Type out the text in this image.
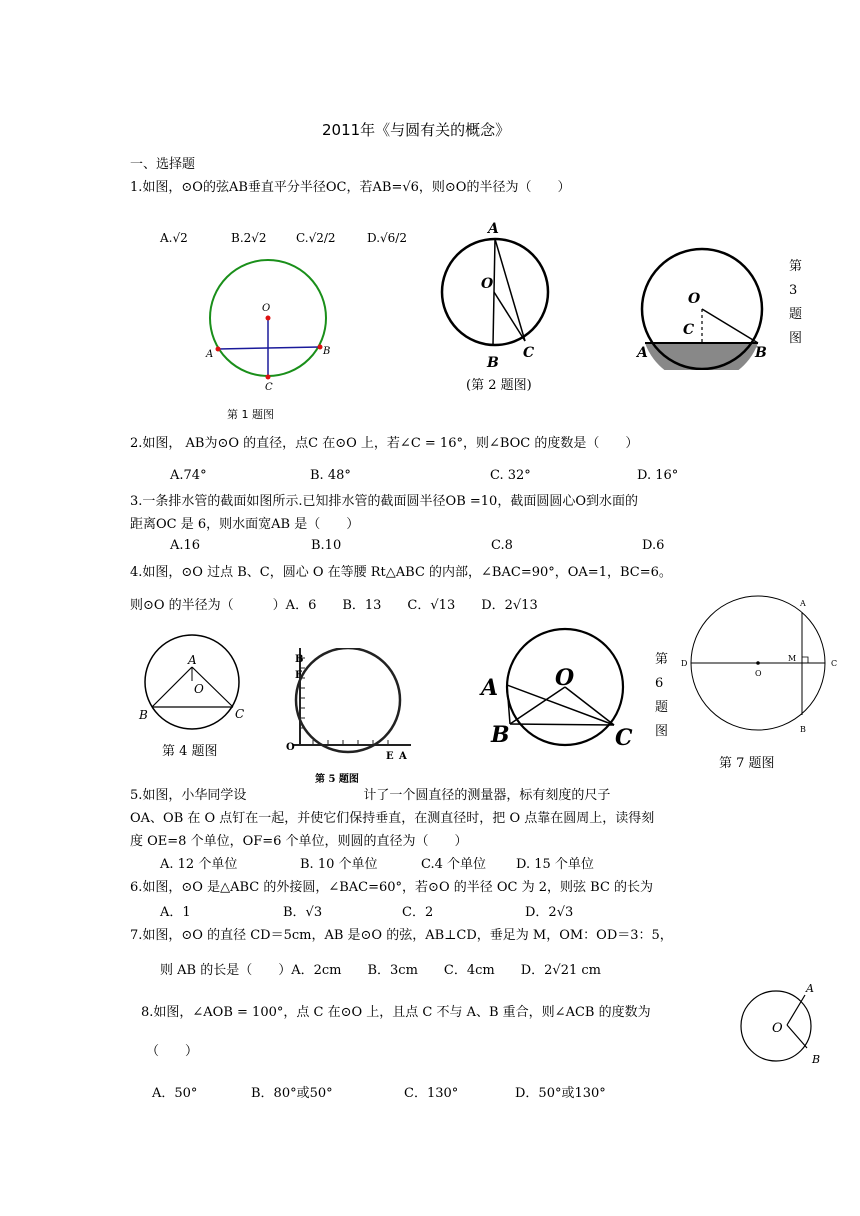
2011年《与圆有关的概念》
一、选择题
1.如图，⊙O的弦AB垂直平分半径OC，若AB=√6，则⊙O的半径为（　　）
A.√2	B.2√2 C.√2/2	D.√6/2
O
A	B
C
第 1 题图
A
O
B
C
(第 2 题图)
O
C
A	B
第3题图
2.如图， AB为⊙O 的直径，点C 在⊙O 上，若∠C = 16°，则∠BOC 的度数是（　　）
A.74°	B. 48°	C. 32°	D. 16°
3.一条排水管的截面如图所示.已知排水管的截面圆半径OB =10，截面圆圆心O到水面的
距离OC 是 6，则水面宽AB 是（　　）
A.16	B.10	C.8	D.6
4.如图，⊙O 过点 B、C，圆心 O 在等腰 Rt△ABC 的内部，∠BAC=90°，OA=1，BC=6。
则⊙O 的半径为（　　　）A．6　　B．13　　C．√13　　D．2√13
A
O
B	C
第 4 题图
B
F
O
E A
第 5 题图
O
A
B	C
第6题图
A
D
M
C
O
B
第 7 题图
5.如图，小华同学设　　　　　　　　　计了一个圆直径的测量器，标有刻度的尺子
OA、OB 在 O 点钉在一起，并使它们保持垂直，在测直径时，把 O 点靠在圆周上，读得刻
度 OE=8 个单位，OF=6 个单位，则圆的直径为（　　）
A. 12 个单位	B. 10 个单位	C.4 个单位 D. 15 个单位
6.如图，⊙O 是△ABC 的外接圆，∠BAC=60°，若⊙O 的半径 OC 为 2，则弦 BC 的长为
A．1	B．√3	C．2	D．2√3
7.如图，⊙O 的直径 CD＝5cm，AB 是⊙O 的弦，AB⊥CD，垂足为 M，OM：OD＝3：5，
则 AB 的长是（　　）A．2cm　　B．3cm　　C．4cm　　D．2√21 cm
8.如图，∠AOB = 100°，点 C 在⊙O 上，且点 C 不与 A、B 重合，则∠ACB 的度数为
（　　）
A．50°	B．80°或50°	C．130°	D．50°或130°
O
A
B
